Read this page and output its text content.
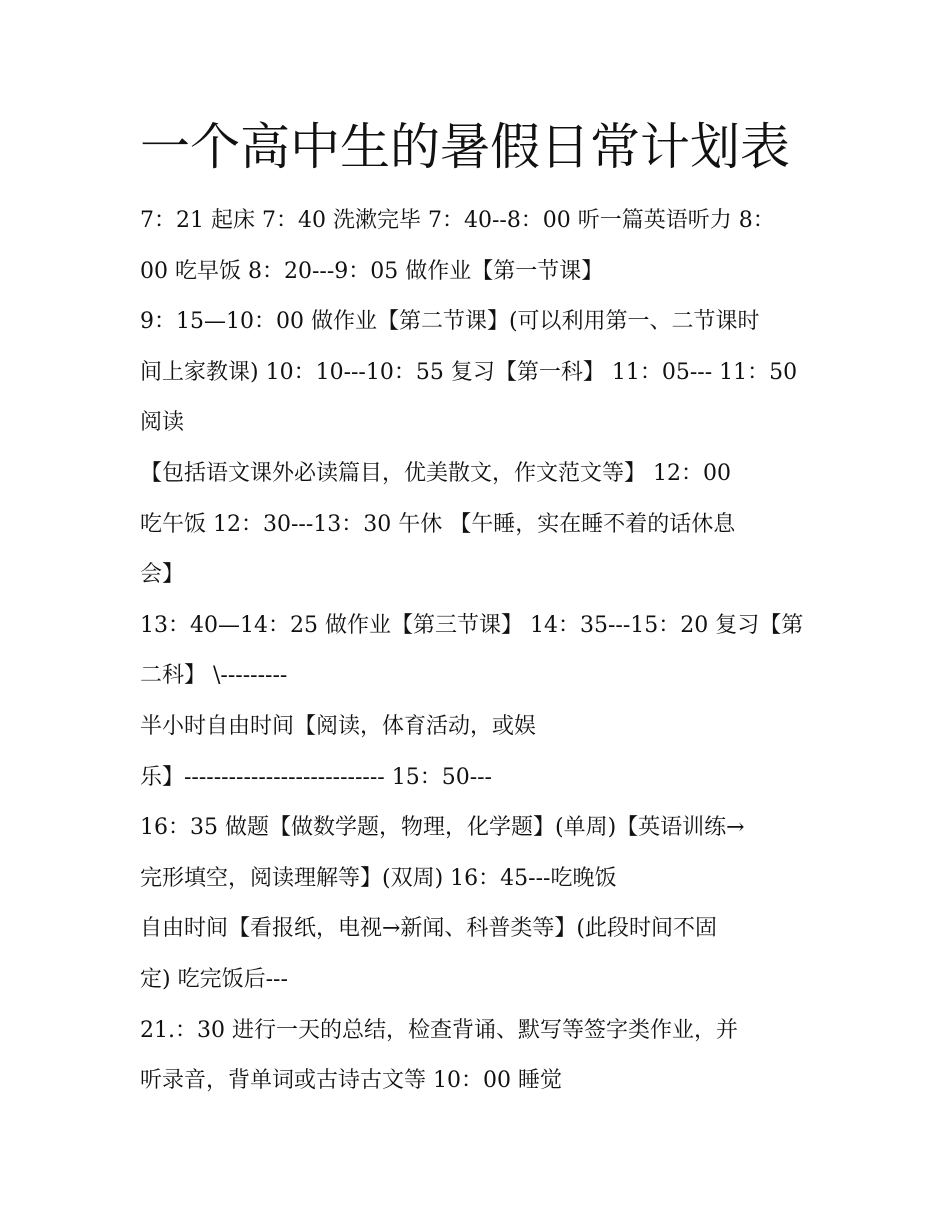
一个高中生的暑假日常计划表

7：21 起床 7：40 洗漱完毕 7：40--8：00 听一篇英语听力 8：

00 吃早饭 8：20---9：05 做作业【第一节课】

9：15—10：00 做作业【第二节课】(可以利用第一、二节课时

间上家教课) 10：10---10：55 复习【第一科】 11：05--- 11：50

阅读

【包括语文课外必读篇目，优美散文，作文范文等】 12：00

吃午饭 12：30---13：30 午休 【午睡，实在睡不着的话休息

会】

13：40—14：25 做作业【第三节课】 14：35---15：20 复习【第

二科】 \---------

半小时自由时间【阅读，体育活动，或娱

乐】--------------------------- 15：50---

16：35 做题【做数学题，物理，化学题】(单周)【英语训练→

完形填空，阅读理解等】(双周) 16：45---吃晚饭

自由时间【看报纸，电视→新闻、科普类等】(此段时间不固

定) 吃完饭后---

21.：30 进行一天的总结，检查背诵、默写等签字类作业，并

听录音，背单词或古诗古文等 10：00 睡觉
